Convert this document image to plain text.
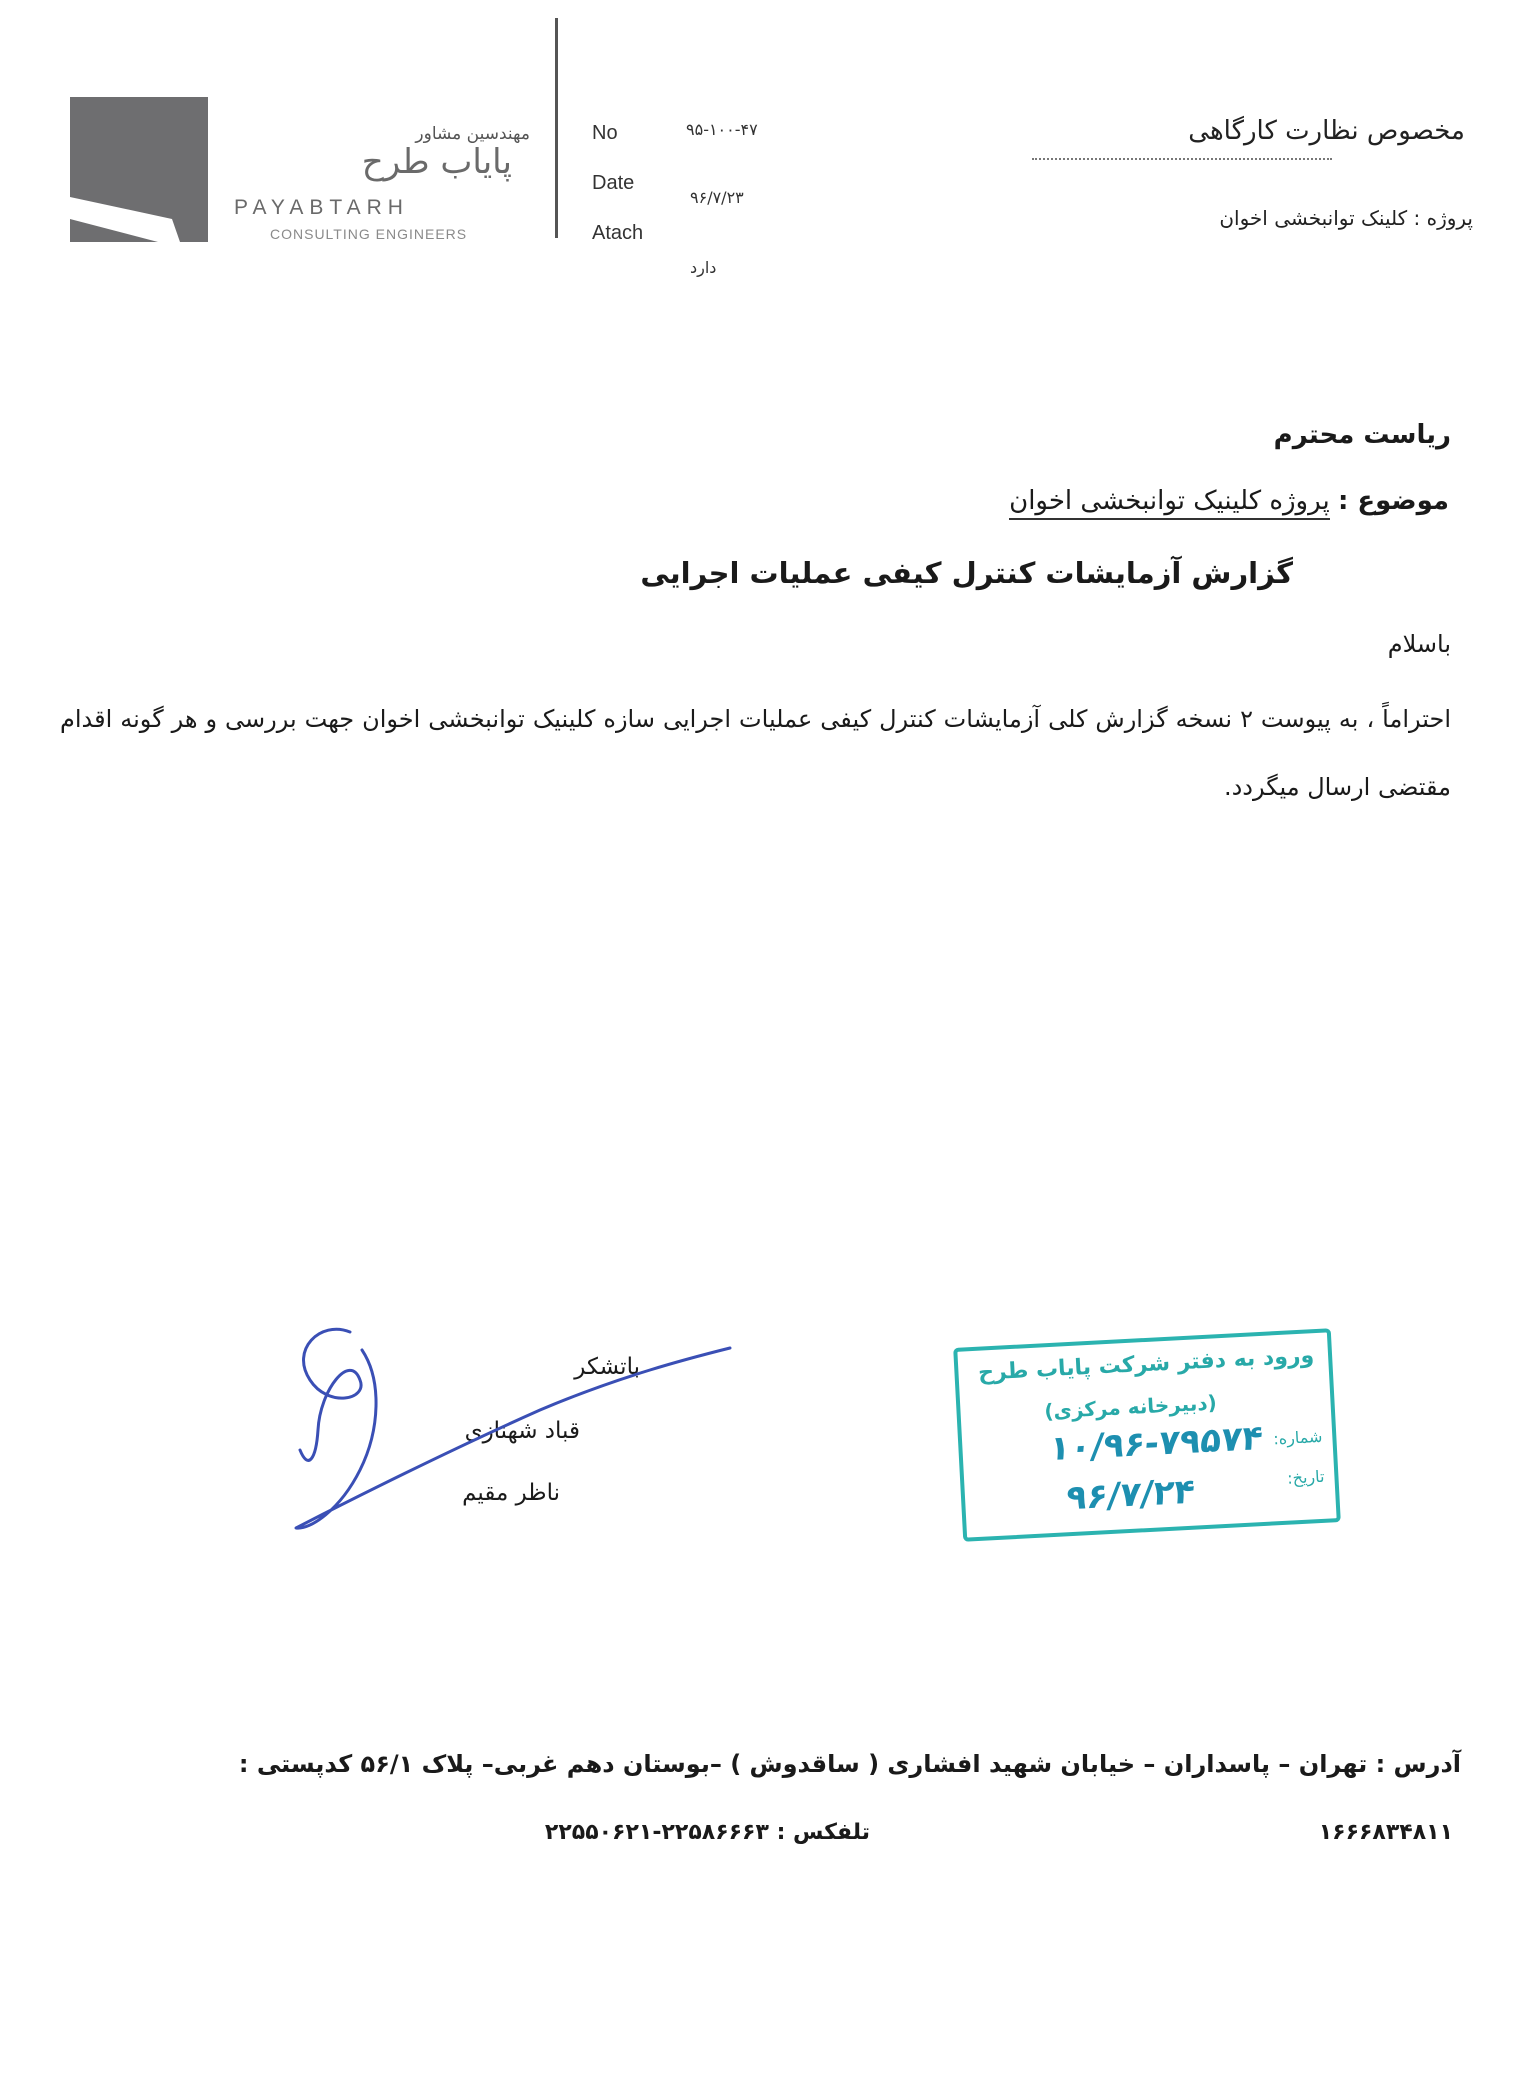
مهندسین مشاور
پایاب طرح
PAYABTARH
CONSULTING ENGINEERS
No	۹۵-۱۰۰-۴۷
Date
۹۶/۷/۲۳
Atach
دارد
مخصوص نظارت کارگاهی
پروژه : کلینک توانبخشی اخوان
ریاست محترم
موضوع : پروژه کلینیک توانبخشی اخوان
گزارش آزمایشات کنترل کیفی عملیات اجرایی
باسلام
احتراماً ، به پیوست ۲ نسخه گزارش کلی آزمایشات کنترل کیفی عملیات اجرایی سازه کلینیک توانبخشی اخوان جهت بررسی و هر گونه اقدام مقتضی ارسال میگردد.
باتشکر
قباد شهنازی
ناظر مقیم
ورود به دفتر شرکت پایاب طرح
(دبیرخانه مرکزی)
شماره:
تاریخ:
۱۰/۹۶-۷۹۵۷۴
۹۶/۷/۲۴
آدرس : تهران – پاسداران – خیابان شهید افشاری ( ساقدوش ) –بوستان دهم غربی– پلاک ۵۶/۱ کدپستی :
۱۶۶۶۸۳۴۸۱۱
تلفکس : ۲۲۵۸۶۶۶۳-۲۲۵۵۰۶۲۱
